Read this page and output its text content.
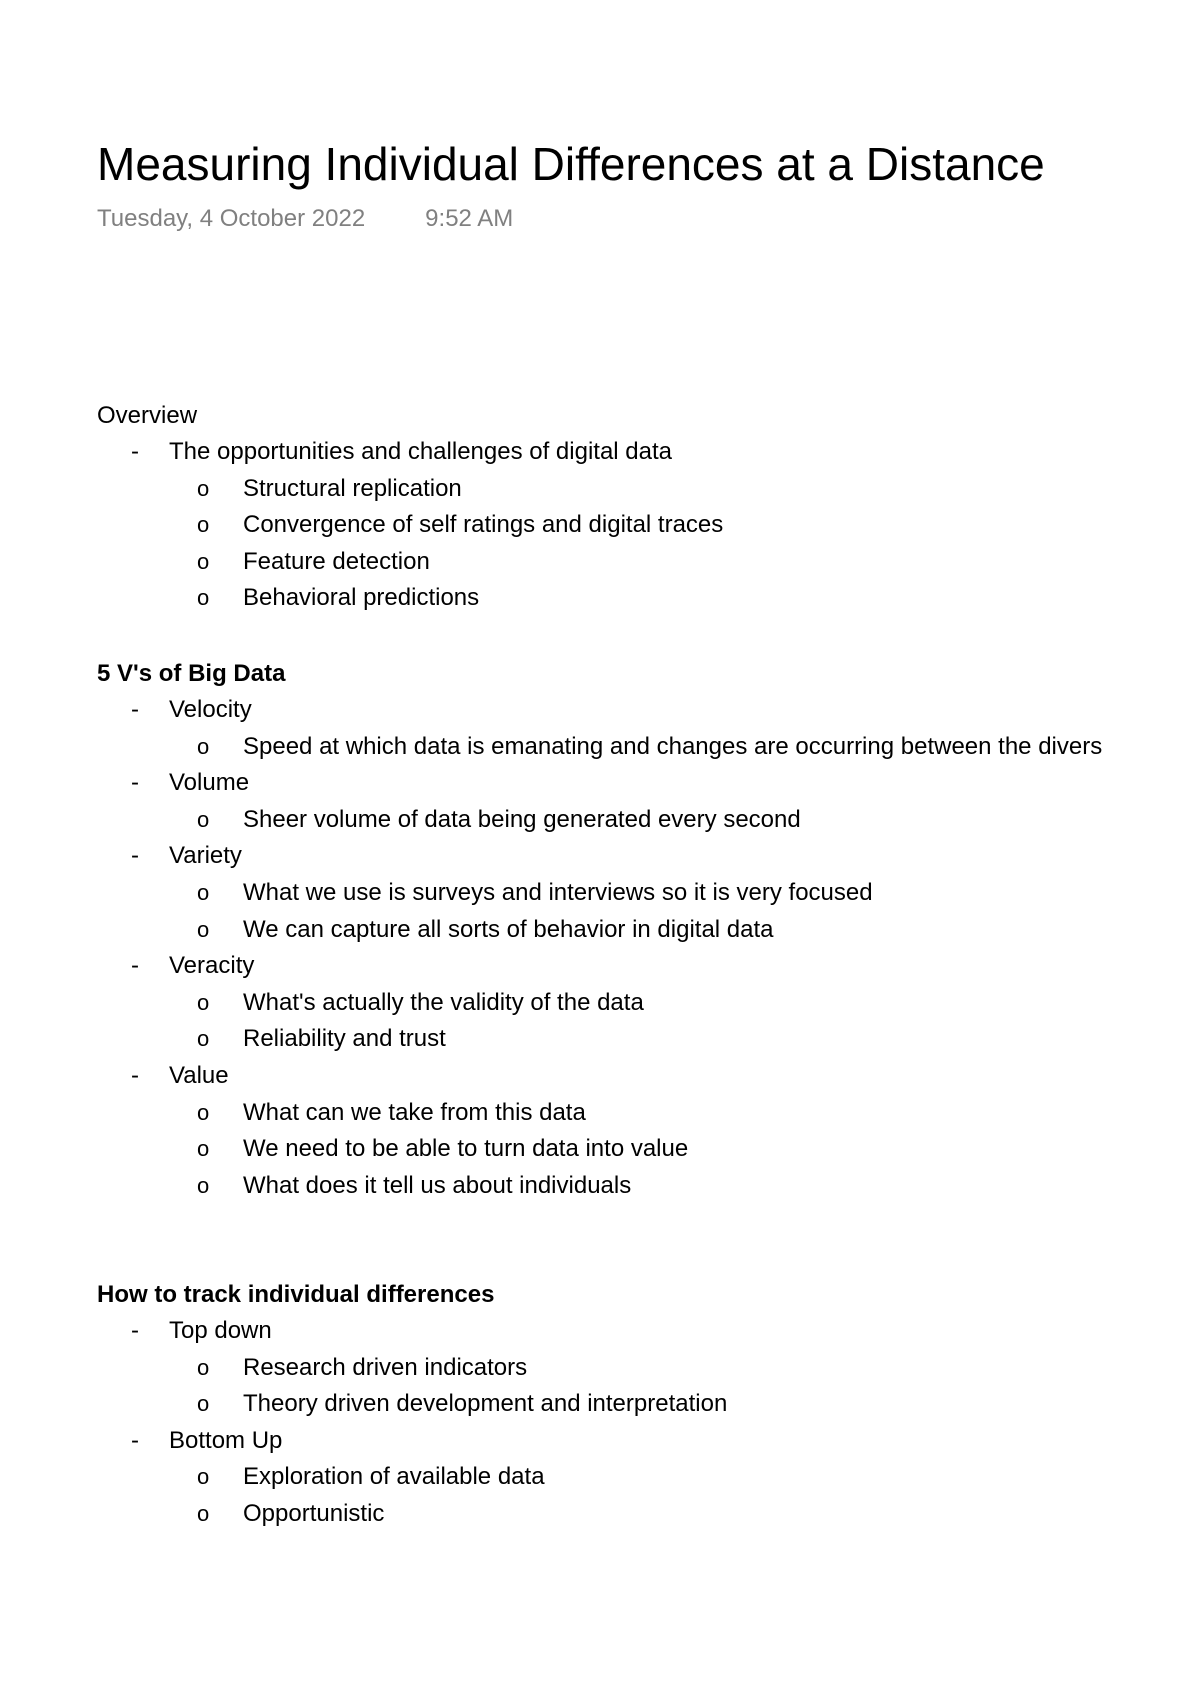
Measuring Individual Differences at a Distance
Tuesday, 4 October 2022	9:52 AM
Overview
- The opportunities and challenges of digital data
o Structural replication
o Convergence of self ratings and digital traces
o Feature detection
o Behavioral predictions
5 V's of Big Data
- Velocity
o Speed at which data is emanating and changes are occurring between the divers
- Volume
o Sheer volume of data being generated every second
- Variety
o What we use is surveys and interviews so it is very focused
o We can capture all sorts of behavior in digital data
- Veracity
o What's actually the validity of the data
o Reliability and trust
- Value
o What can we take from this data
o We need to be able to turn data into value
o What does it tell us about individuals
How to track individual differences
- Top down
o Research driven indicators
o Theory driven development and interpretation
- Bottom Up
o Exploration of available data
o Opportunistic
